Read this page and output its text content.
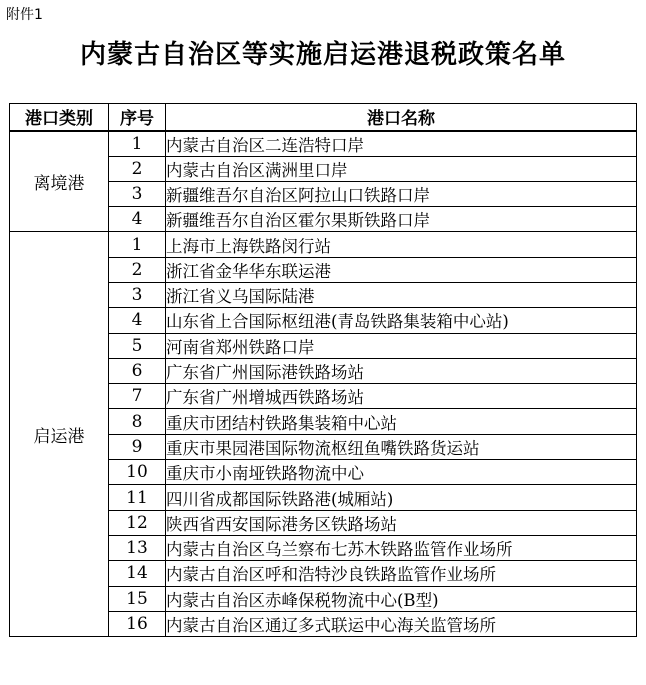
附件1
内蒙古自治区等实施启运港退税政策名单
港口类别	序号	港口名称
离境港	1	内蒙古自治区二连浩特口岸
	2	内蒙古自治区满洲里口岸
	3	新疆维吾尔自治区阿拉山口铁路口岸
	4	新疆维吾尔自治区霍尔果斯铁路口岸
启运港	1	上海市上海铁路闵行站
	2	浙江省金华华东联运港
	3	浙江省义乌国际陆港
	4	山东省上合国际枢纽港(青岛铁路集装箱中心站)
	5	河南省郑州铁路口岸
	6	广东省广州国际港铁路场站
	7	广东省广州增城西铁路场站
	8	重庆市团结村铁路集装箱中心站
	9	重庆市果园港国际物流枢纽鱼嘴铁路货运站
	10	重庆市小南垭铁路物流中心
	11	四川省成都国际铁路港(城厢站)
	12	陕西省西安国际港务区铁路场站
	13	内蒙古自治区乌兰察布七苏木铁路监管作业场所
	14	内蒙古自治区呼和浩特沙良铁路监管作业场所
	15	内蒙古自治区赤峰保税物流中心(B型)
	16	内蒙古自治区通辽多式联运中心海关监管场所
